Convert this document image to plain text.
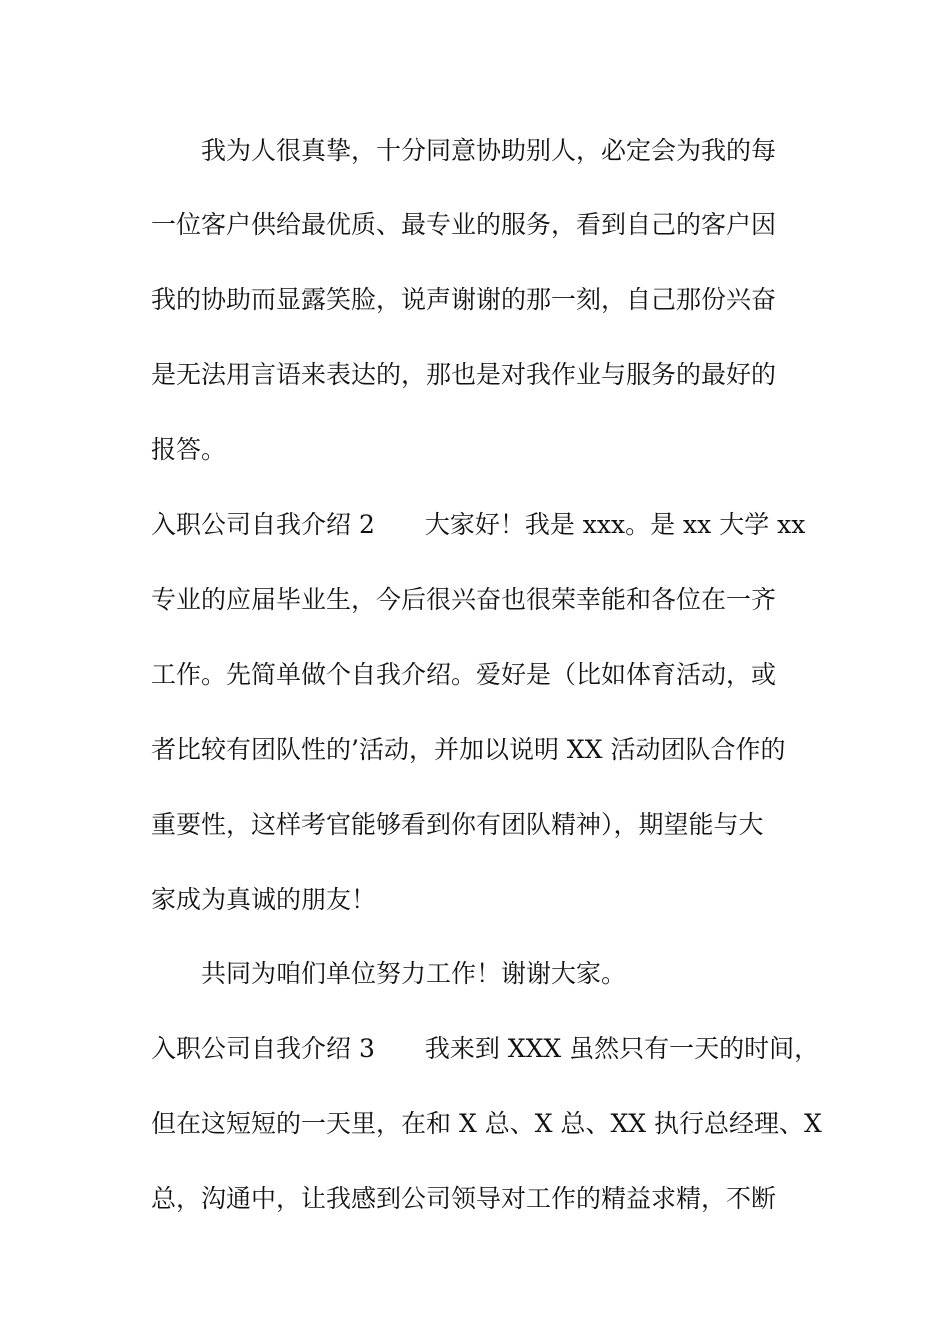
我为人很真挚，十分同意协助别人，必定会为我的每
一位客户供给最优质、最专业的服务，看到自己的客户因
我的协助而显露笑脸，说声谢谢的那一刻，自己那份兴奋
是无法用言语来表达的，那也是对我作业与服务的最好的
报答。
入职公司自我介绍 2　　大家好！我是 xxx。是 xx 大学 xx
专业的应届毕业生，今后很兴奋也很荣幸能和各位在一齐
工作。先简单做个自我介绍。爱好是（比如体育活动，或
者比较有团队性的’活动，并加以说明 XX 活动团队合作的
重要性，这样考官能够看到你有团队精神），期望能与大
家成为真诚的朋友！
共同为咱们单位努力工作！谢谢大家。
入职公司自我介绍 3　　我来到 XXX 虽然只有一天的时间，
但在这短短的一天里，在和 X 总、X 总、XX 执行总经理、X
总，沟通中，让我感到公司领导对工作的精益求精，不断
